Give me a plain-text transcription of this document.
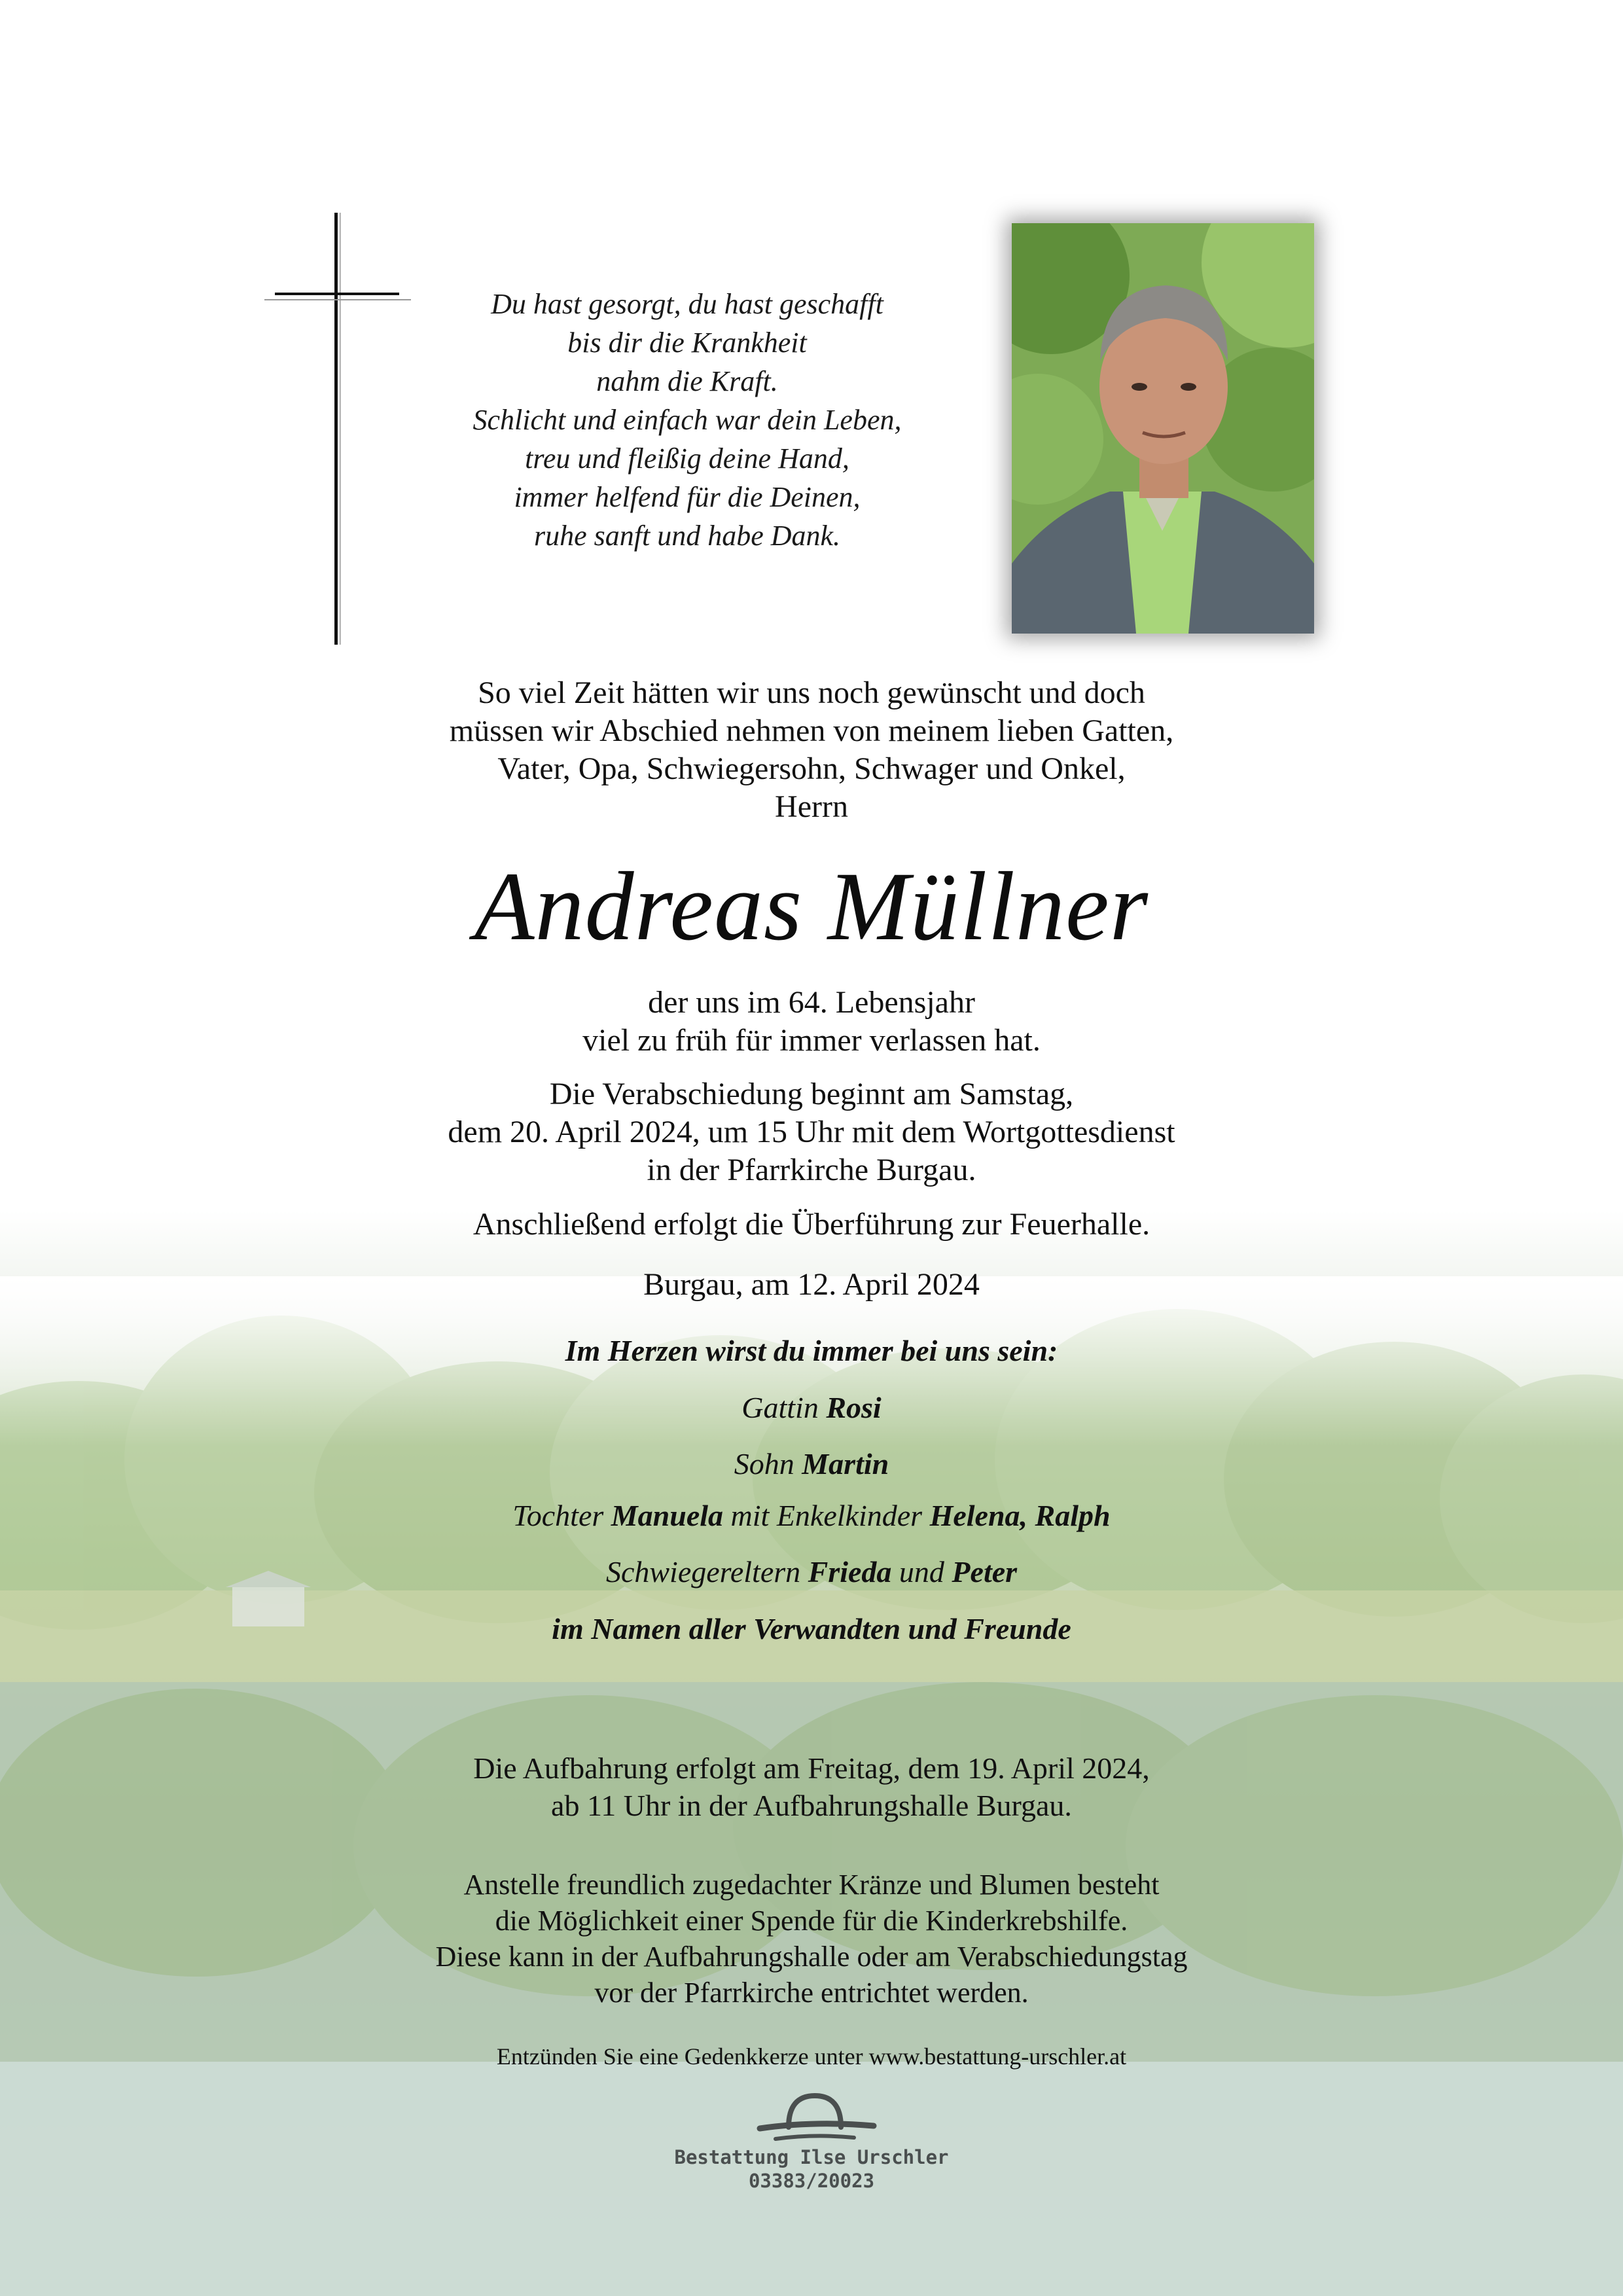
Du hast gesorgt, du hast geschafft
bis dir die Krankheit
nahm die Kraft.
Schlicht und einfach war dein Leben,
treu und fleißig deine Hand,
immer helfend für die Deinen,
ruhe sanft und habe Dank.
So viel Zeit hätten wir uns noch gewünscht und doch
müssen wir Abschied nehmen von meinem lieben Gatten,
Vater, Opa, Schwiegersohn, Schwager und Onkel,
Herrn
Andreas Müllner
der uns im 64. Lebensjahr
viel zu früh für immer verlassen hat.
Die Verabschiedung beginnt am Samstag,
dem 20. April 2024, um 15 Uhr mit dem Wortgottesdienst
in der Pfarrkirche Burgau.
Anschließend erfolgt die Überführung zur Feuerhalle.
Burgau, am 12. April 2024
Im Herzen wirst du immer bei uns sein:
Gattin Rosi
Sohn Martin
Tochter Manuela mit Enkelkinder Helena, Ralph
Schwiegereltern Frieda und Peter
im Namen aller Verwandten und Freunde
Die Aufbahrung erfolgt am Freitag, dem 19. April 2024,
ab 11 Uhr in der Aufbahrungshalle Burgau.
Anstelle freundlich zugedachter Kränze und Blumen besteht
die Möglichkeit einer Spende für die Kinderkrebshilfe.
Diese kann in der Aufbahrungshalle oder am Verabschiedungstag
vor der Pfarrkirche entrichtet werden.
Entzünden Sie eine Gedenkkerze unter www.bestattung-urschler.at
Bestattung Ilse Urschler
03383/20023
